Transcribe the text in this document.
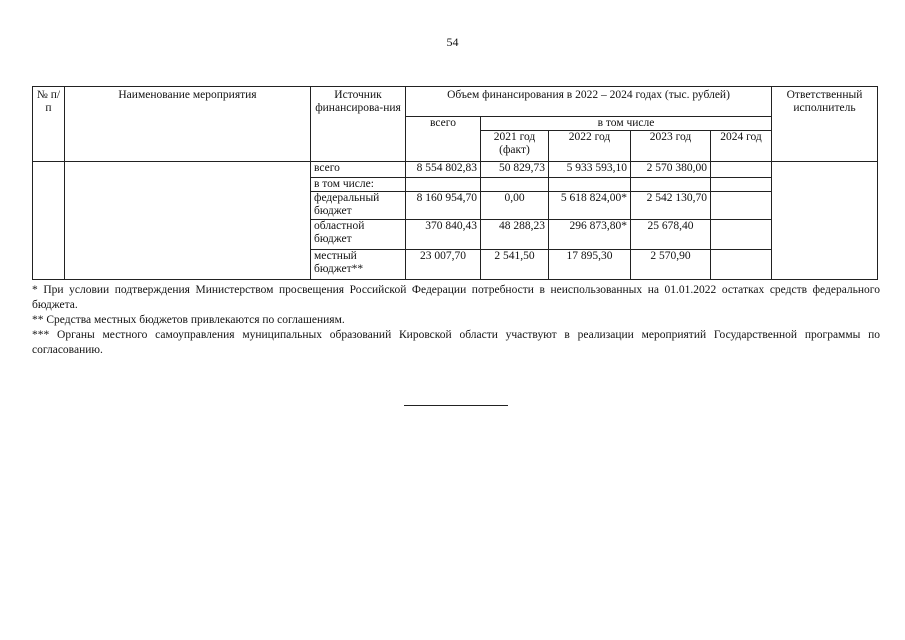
54
№ п/п	Наименование мероприятия	Источник финансирова-ния	Объем финансирования в 2022 – 2024 годах (тыс. рублей)					Ответственный исполнитель
			всего	в том числе				
				2021 год (факт)	2022 год	2023 год	2024 год	
		всего	8 554 802,83	50 829,73	5 933 593,10	2 570 380,00		
		в том числе:						
		федеральный бюджет	8 160 954,70	0,00	5 618 824,00*	2 542 130,70		
		областной бюджет	370 840,43	48 288,23	296 873,80*	25 678,40		
		местный бюджет**	23 007,70	2 541,50	17 895,30	2 570,90		
* При условии подтверждения Министерством просвещения Российской Федерации потребности в неиспользованных на 01.01.2022 остатках средств федерального бюджета.
** Средства местных бюджетов привлекаются по соглашениям.
*** Органы местного самоуправления муниципальных образований Кировской области участвуют в реализации мероприятий Государственной программы по согласованию.
